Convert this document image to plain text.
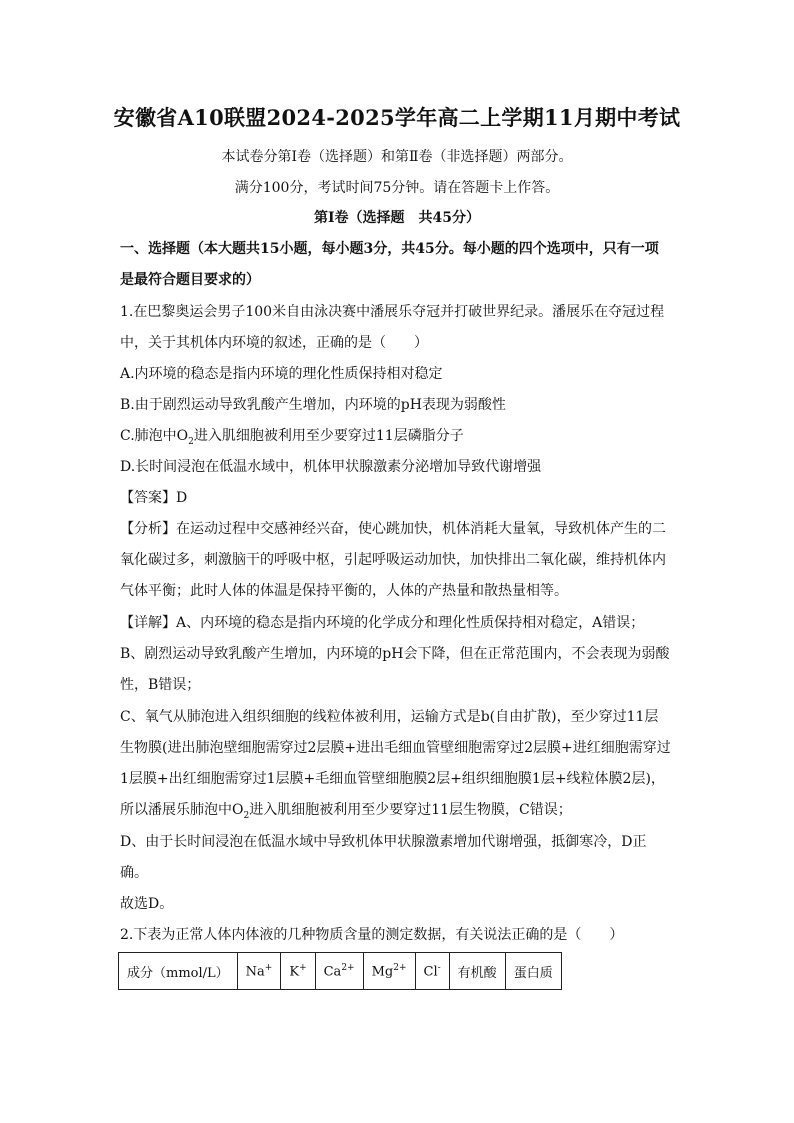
安徽省A10联盟2024-2025学年高二上学期11月期中考试
本试卷分第Ⅰ卷（选择题）和第Ⅱ卷（非选择题）两部分。
满分100分，考试时间75分钟。请在答题卡上作答。
第Ⅰ卷（选择题　共45分）
一、选择题（本大题共15小题，每小题3分，共45分。每小题的四个选项中，只有一项
是最符合题目要求的）
1.在巴黎奥运会男子100米自由泳决赛中潘展乐夺冠并打破世界纪录。潘展乐在夺冠过程
中，关于其机体内环境的叙述，正确的是（　　）
A.内环境的稳态是指内环境的理化性质保持相对稳定
B.由于剧烈运动导致乳酸产生增加，内环境的pH表现为弱酸性
C.肺泡中$O_2$进入肌细胞被利用至少要穿过11层磷脂分子
D.长时间浸泡在低温水域中，机体甲状腺激素分泌增加导致代谢增强
【答案】D
【分析】在运动过程中交感神经兴奋，使心跳加快，机体消耗大量氧，导致机体产生的二
氧化碳过多，刺激脑干的呼吸中枢，引起呼吸运动加快，加快排出二氧化碳，维持机体内
气体平衡；此时人体的体温是保持平衡的，人体的产热量和散热量相等。
【详解】A、内环境的稳态是指内环境的化学成分和理化性质保持相对稳定，A错误；
B、剧烈运动导致乳酸产生增加，内环境的pH会下降，但在正常范围内，不会表现为弱酸
性，B错误；
C、氧气从肺泡进入组织细胞的线粒体被利用，运输方式是b(自由扩散)，至少穿过11层
生物膜(进出肺泡壁细胞需穿过2层膜+进出毛细血管壁细胞需穿过2层膜+进红细胞需穿过
1层膜+出红细胞需穿过1层膜+毛细血管壁细胞膜2层+组织细胞膜1层+线粒体膜2层)，
所以潘展乐肺泡中$O_2$进入肌细胞被利用至少要穿过11层生物膜，C错误；
D、由于长时间浸泡在低温水域中导致机体甲状腺激素增加代谢增强，抵御寒冷，D正
确。
故选D。
2.下表为正常人体内体液的几种物质含量的测定数据，有关说法正确的是（　　）
成分（mmol/L）	Na+	K+	$Ca^{2+}$	$Mg^{2+}$	Cl-	有机酸	蛋白质
